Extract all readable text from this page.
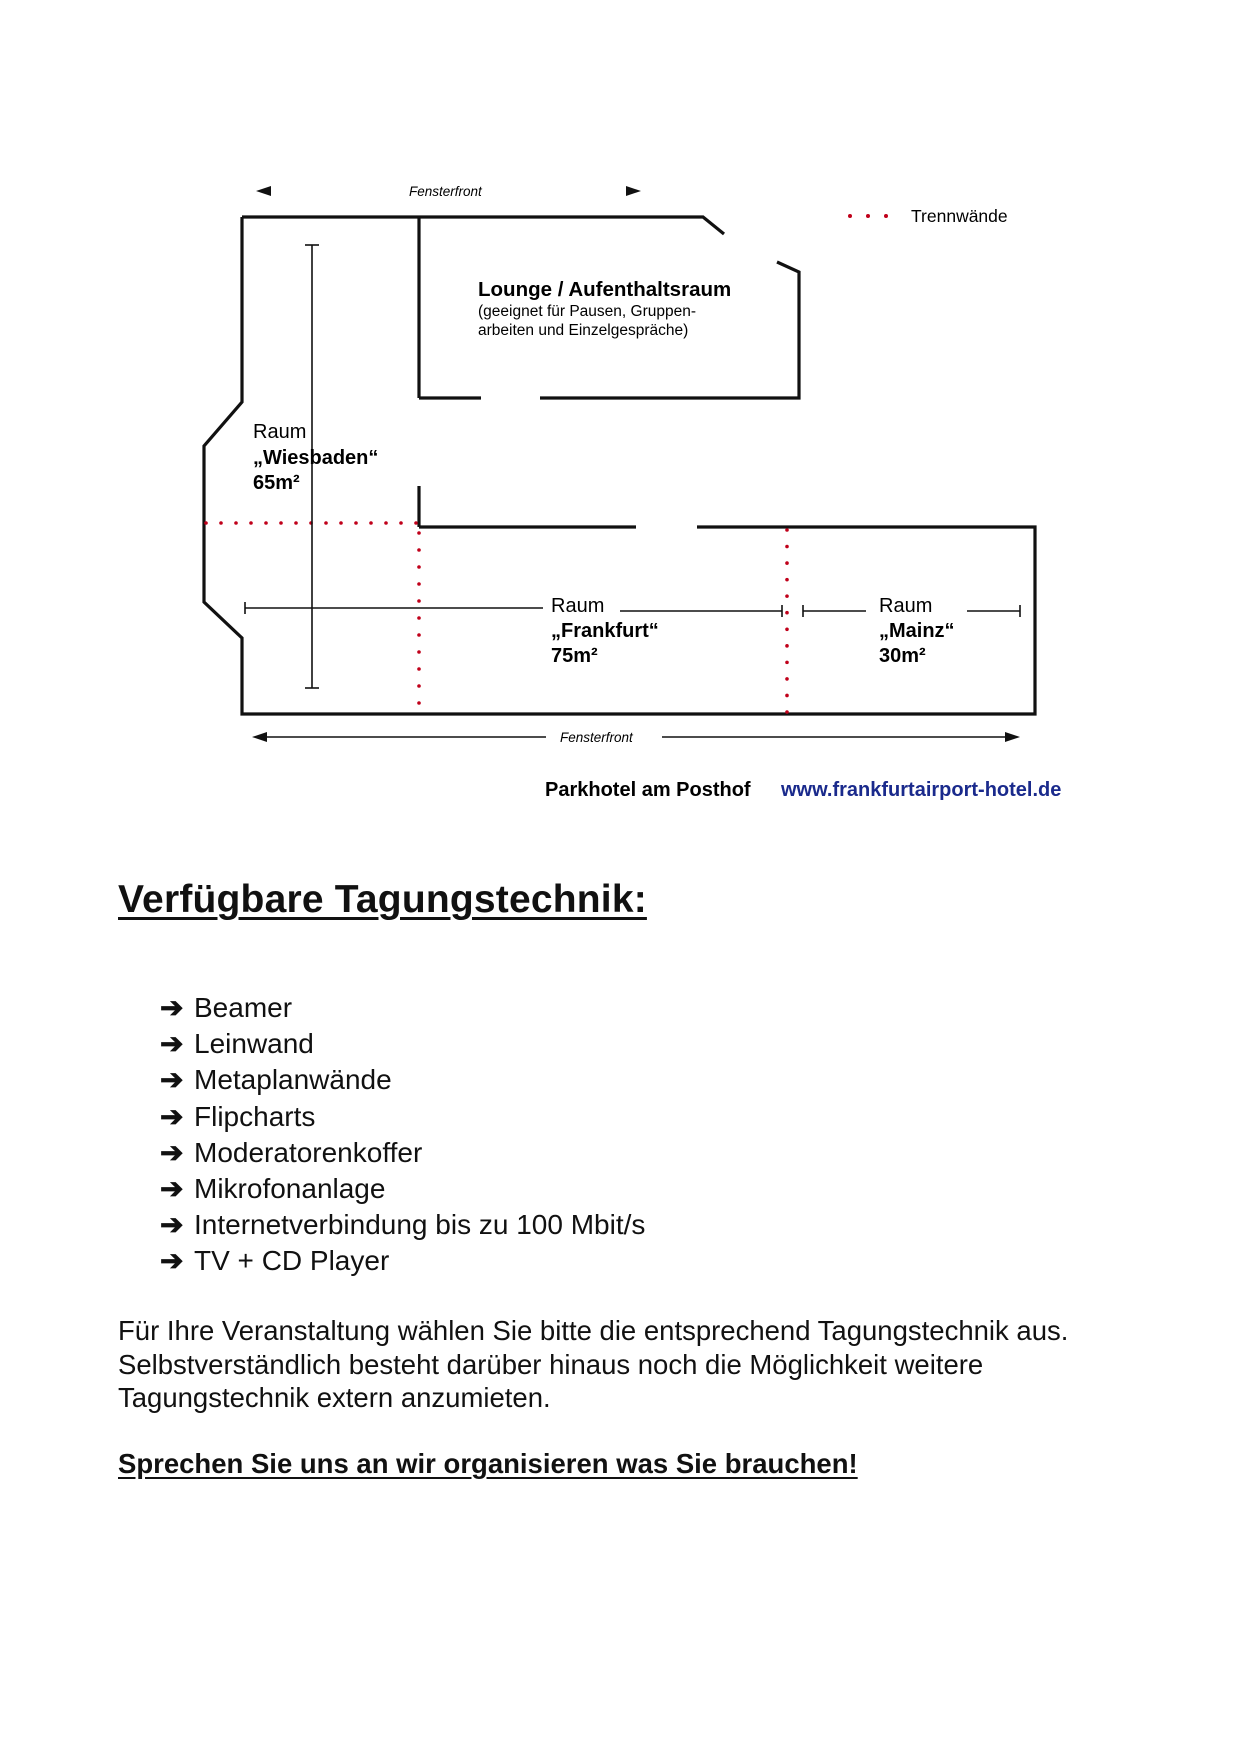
Fensterfront
Trennwände
Lounge / Aufenthaltsraum
(geeignet für Pausen, Gruppen-
arbeiten und Einzelgespräche)
Raum
„Wiesbaden“
65m²
Raum
„Frankfurt“
75m²
Raum
„Mainz“
30m²
Fensterfront
Parkhotel am Posthof www.frankfurtairport-hotel.de
Verfügbare Tagungstechnik:
➔ Beamer
➔ Leinwand
➔ Metaplanwände
➔ Flipcharts
➔ Moderatorenkoffer
➔ Mikrofonanlage
➔ Internetverbindung bis zu 100 Mbit/s
➔ TV + CD Player

Für Ihre Veranstaltung wählen Sie bitte die entsprechend Tagungstechnik aus. Selbstverständlich besteht darüber hinaus noch die Möglichkeit weitere Tagungstechnik extern anzumieten.

Sprechen Sie uns an wir organisieren was Sie brauchen!
